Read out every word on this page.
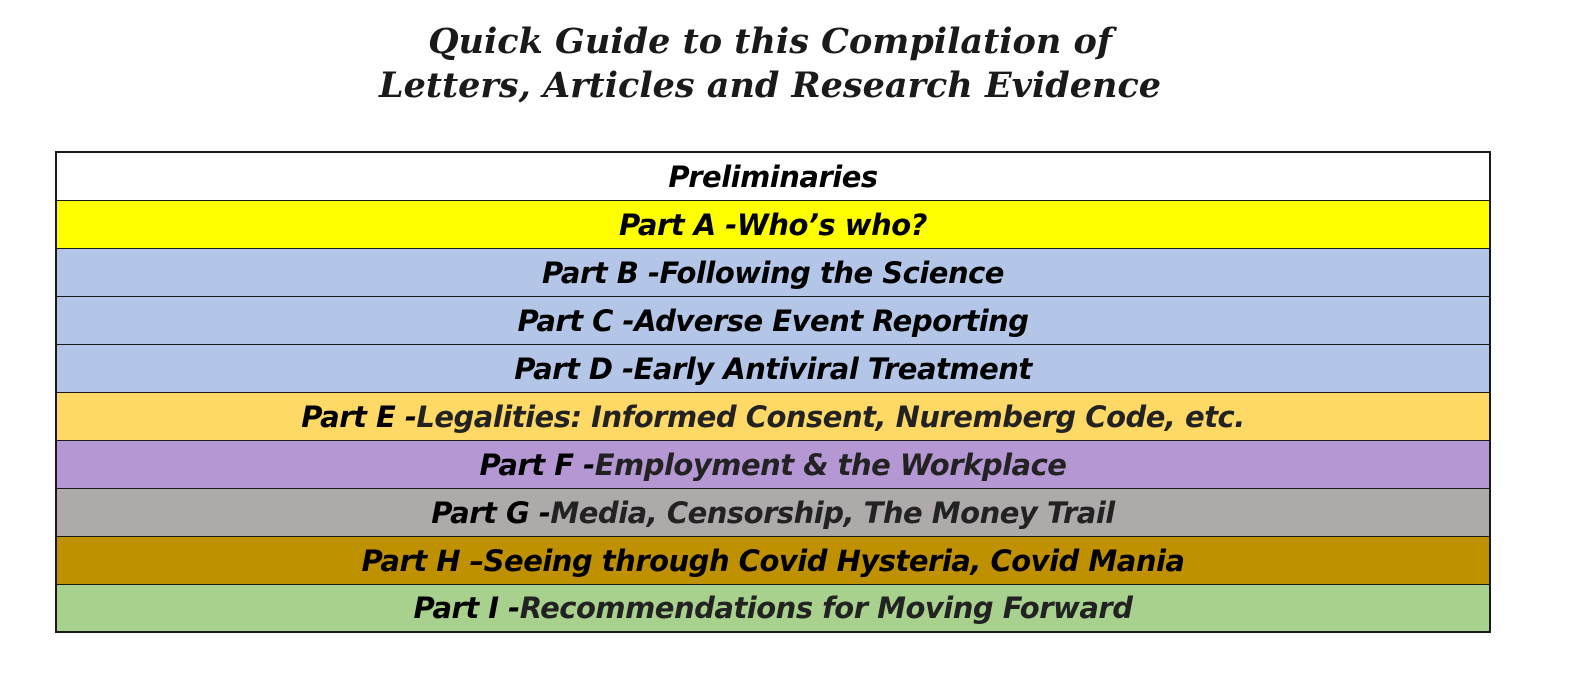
Quick Guide to this Compilation of
Letters, Articles and Research Evidence
Preliminaries
Part A - Who’s who?
Part B - Following the Science
Part C - Adverse Event Reporting
Part D - Early Antiviral Treatment
Part E - Legalities: Informed Consent, Nuremberg Code, etc.
Part F - Employment & the Workplace
Part G - Media, Censorship, The Money Trail
Part H – Seeing through Covid Hysteria, Covid Mania
Part I - Recommendations for Moving Forward
